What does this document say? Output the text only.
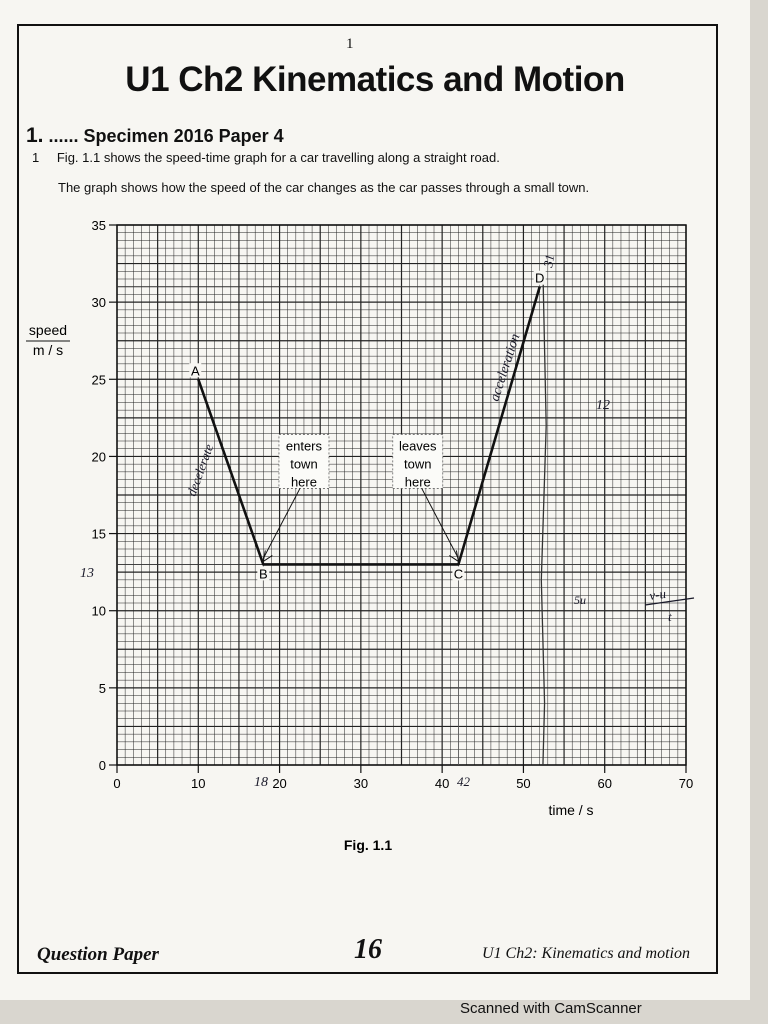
1
U1 Ch2 Kinematics and Motion
1. ...... Specimen 2016 Paper 4
1 Fig. 1.1 shows the speed-time graph for a car travelling along a straight road.
The graph shows how the speed of the car changes as the car passes through a small town.
0
5
10
15
20
25
30
35
0	10	20	30	40	50	60	70
decelerate
acceleration
31
13
18	42
12
5u	v-u
t
A
B	C
D
enters
town
here
leaves
town
here
speed
m / s
time / s
Fig. 1.1
Question Paper	16	U1 Ch2: Kinematics and motion
Scanned with CamScanner
